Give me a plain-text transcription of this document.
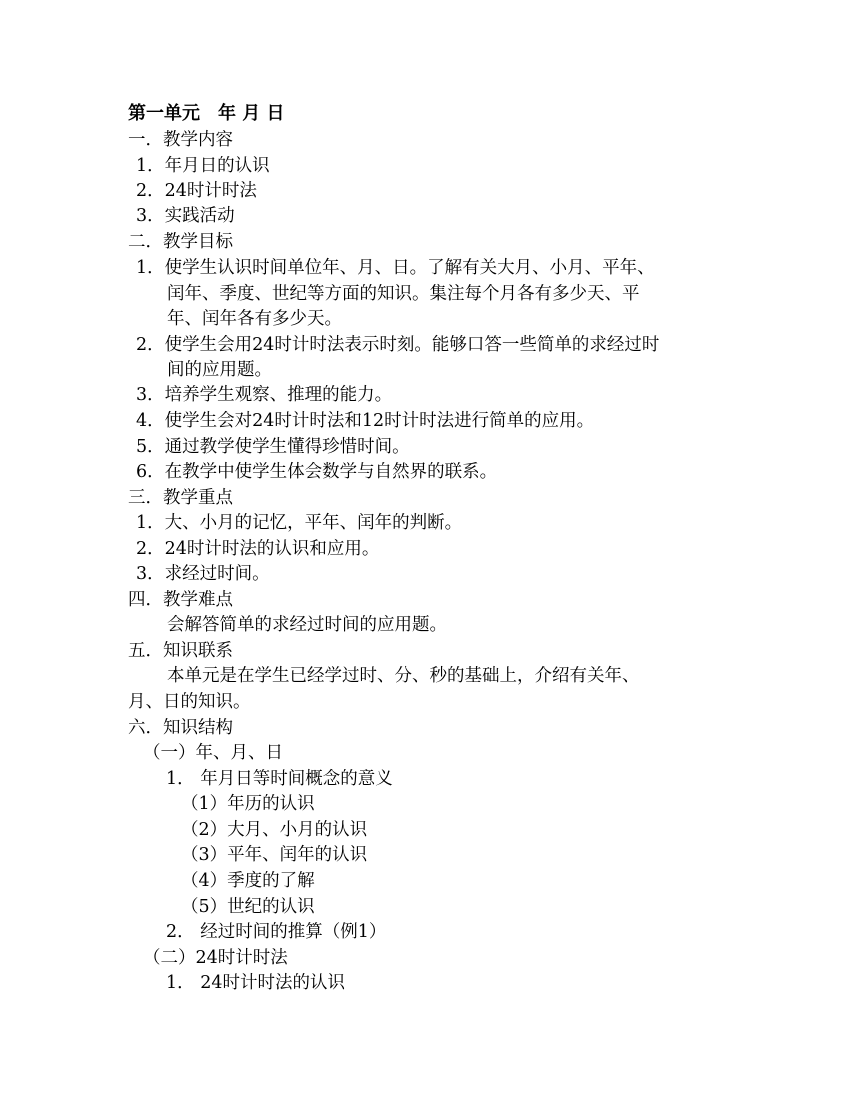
第一单元　年 月 日
一．教学内容
1．年月日的认识
2．24时计时法
3．实践活动
二．教学目标
1．使学生认识时间单位年、月、日。了解有关大月、小月、平年、
闰年、季度、世纪等方面的知识。集注每个月各有多少天、平
年、闰年各有多少天。
2．使学生会用24时计时法表示时刻。能够口答一些简单的求经过时
间的应用题。
3．培养学生观察、推理的能力。
4．使学生会对24时计时法和12时计时法进行简单的应用。
5．通过教学使学生懂得珍惜时间。
6．在教学中使学生体会数学与自然界的联系。
三．教学重点
1．大、小月的记忆，平年、闰年的判断。
2．24时计时法的认识和应用。
3．求经过时间。
四．教学难点
会解答简单的求经过时间的应用题。
五．知识联系
本单元是在学生已经学过时、分、秒的基础上，介绍有关年、
月、日的知识。
六．知识结构
（一）年、月、日
1． 年月日等时间概念的意义
（1）年历的认识
（2）大月、小月的认识
（3）平年、闰年的认识
（4）季度的了解
（5）世纪的认识
2． 经过时间的推算（例1）
（二）24时计时法
1． 24时计时法的认识
